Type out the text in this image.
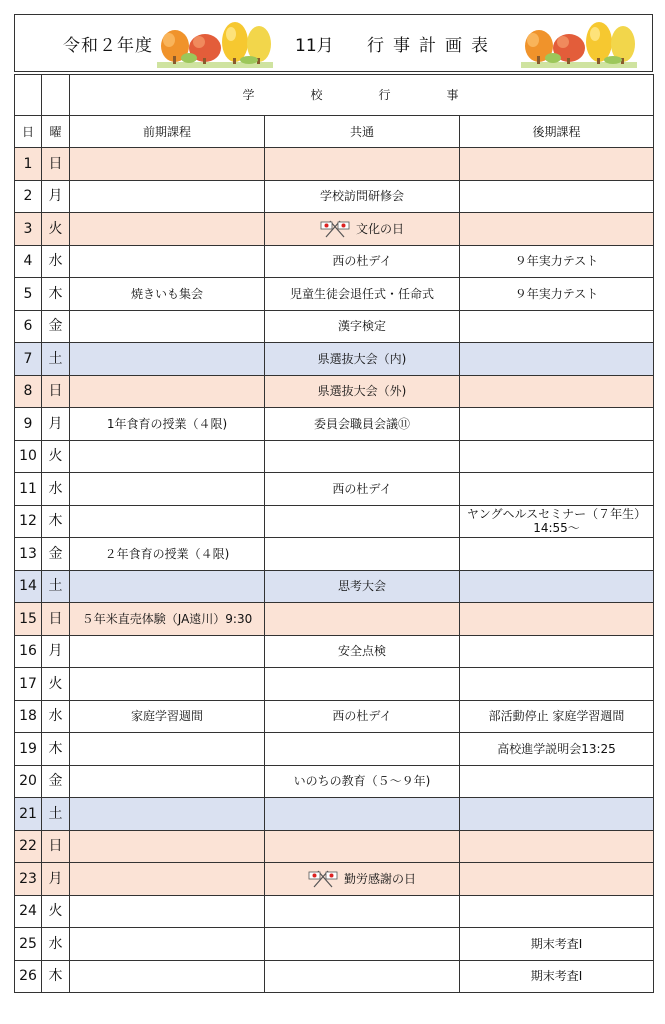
令和２年度	11月 行事計画表
		学　校　行　事		
日	曜	前期課程	共通	後期課程
1	日			
2	月		学校訪問研修会	
3	火		文化の日	
4	水		西の杜デイ	９年実力テスト
5	木	焼きいも集会	児童生徒会退任式・任命式	９年実力テスト
6	金		漢字検定	
7	土		県選抜大会（内)	
8	日		県選抜大会（外)	
9	月	1年食育の授業（４限)	委員会職員会議⑪	
10	火			
11	水		西の杜デイ	
12	木			ヤングヘルスセミナー（７年生）14:55～
13	金	２年食育の授業（４限)		
14	土		思考大会	
15	日	５年米直売体験（JA遠川）9:30		
16	月		安全点検	
17	火			
18	水	家庭学習週間	西の杜デイ	部活動停止 家庭学習週間
19	木			高校進学説明会13:25
20	金		いのちの教育（５～９年)	
21	土			
22	日			
23	月		勤労感謝の日	
24	火			
25	水			期末考査Ⅰ
26	木			期末考査Ⅰ
